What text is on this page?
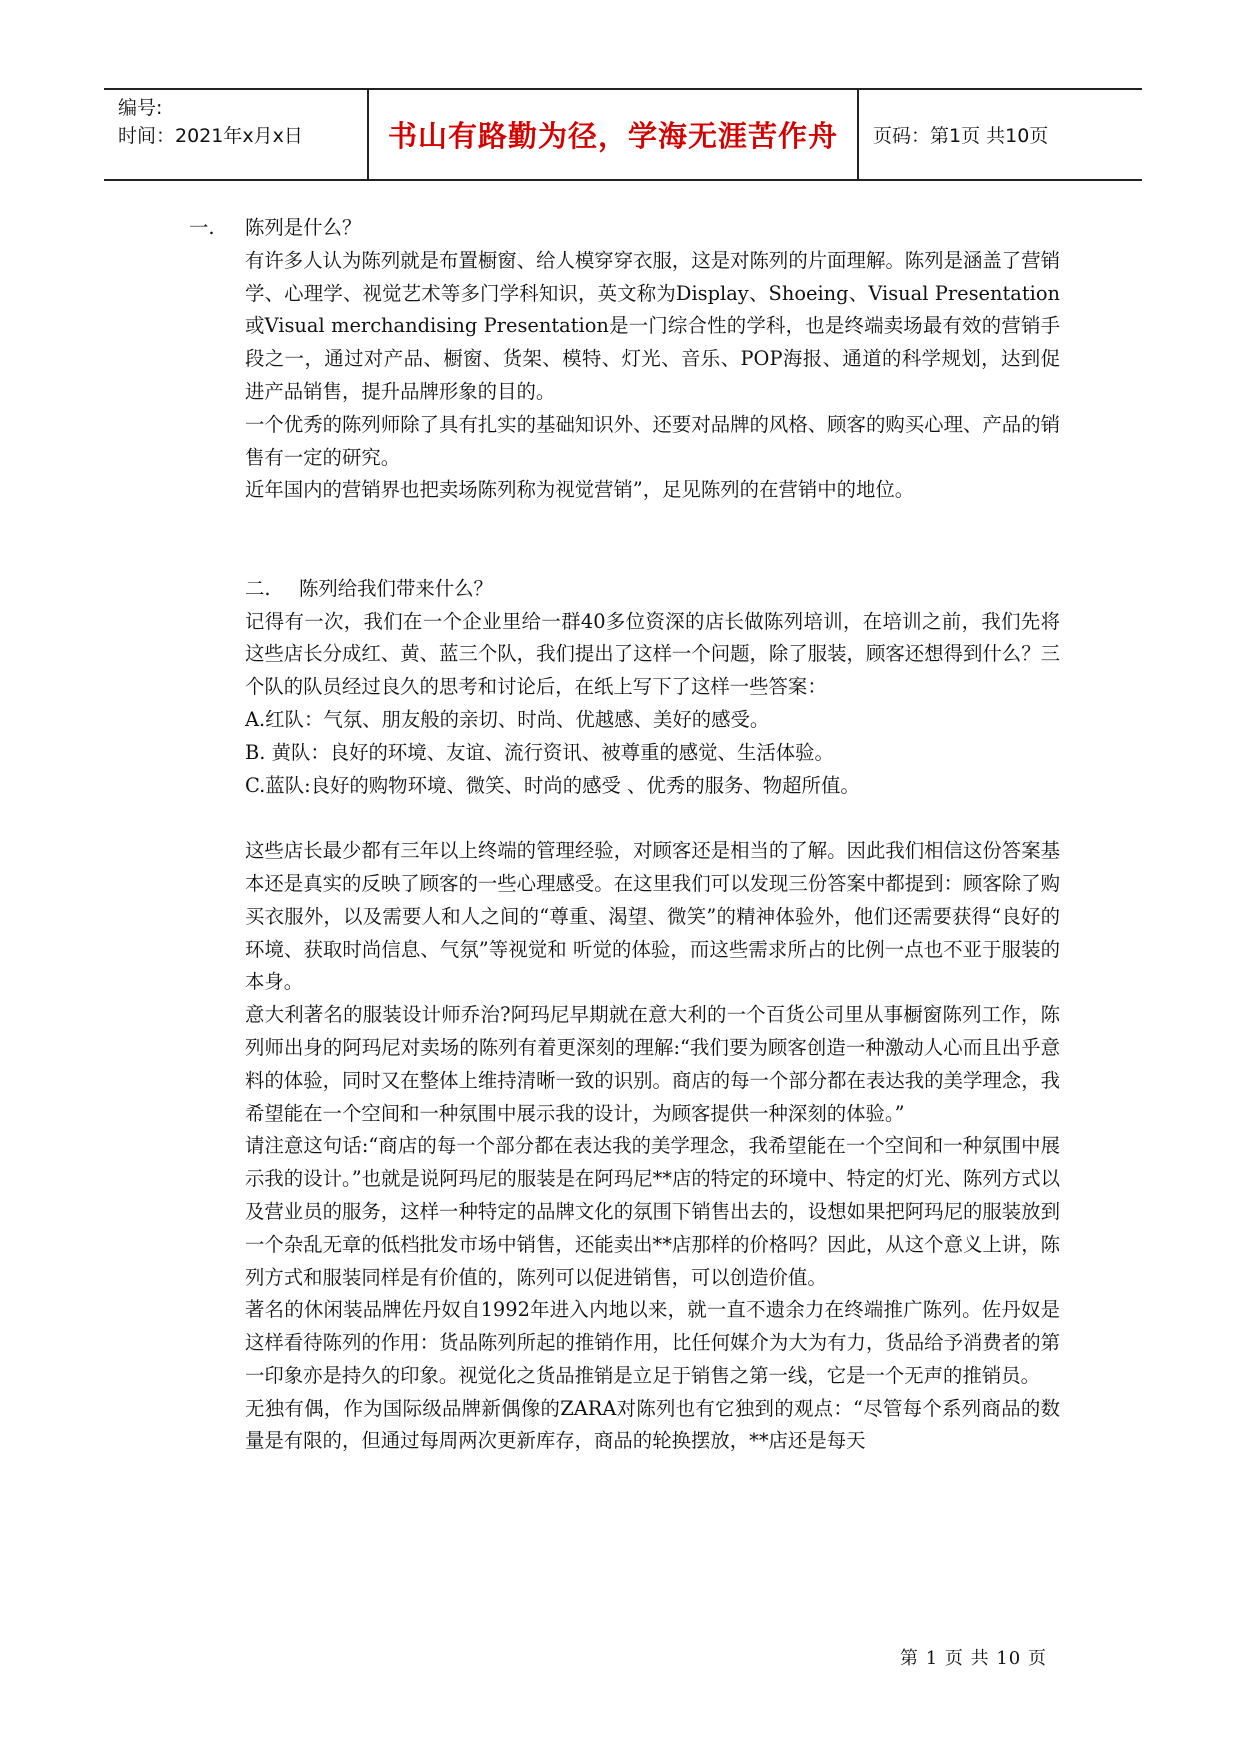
编号:
时间：2021年x月x日	书山有路勤为径，学海无涯苦作舟	页码：第1页 共10页

一. 陈列是什么？

有许多人认为陈列就是布置橱窗、给人模穿穿衣服，这是对陈列的片面理解。陈列是涵盖了营销学、心理学、视觉艺术等多门学科知识，英文称为Display、Shoeing、Visual Presentation或Visual merchandising Presentation是一门综合性的学科，也是终端卖场最有效的营销手段之一，通过对产品、橱窗、货架、模特、灯光、音乐、POP海报、通道的科学规划，达到促进产品销售，提升品牌形象的目的。

一个优秀的陈列师除了具有扎实的基础知识外、还要对品牌的风格、顾客的购买心理、产品的销售有一定的研究。

近年国内的营销界也把卖场陈列称为视觉营销”，足见陈列的在营销中的地位。

二. 陈列给我们带来什么？

记得有一次，我们在一个企业里给一群40多位资深的店长做陈列培训，在培训之前，我们先将这些店长分成红、黄、蓝三个队，我们提出了这样一个问题，除了服装，顾客还想得到什么？三个队的队员经过良久的思考和讨论后，在纸上写下了这样一些答案：

A.红队：气氛、朋友般的亲切、时尚、优越感、美好的感受。

B. 黄队：良好的环境、友谊、流行资讯、被尊重的感觉、生活体验。

C.蓝队:良好的购物环境、微笑、时尚的感受 、优秀的服务、物超所值。

这些店长最少都有三年以上终端的管理经验，对顾客还是相当的了解。因此我们相信这份答案基本还是真实的反映了顾客的一些心理感受。在这里我们可以发现三份答案中都提到：顾客除了购买衣服外，以及需要人和人之间的“尊重、渴望、微笑”的精神体验外，他们还需要获得“良好的环境、获取时尚信息、气氛”等视觉和 听觉的体验，而这些需求所占的比例一点也不亚于服装的本身。

意大利著名的服装设计师乔治?阿玛尼早期就在意大利的一个百货公司里从事橱窗陈列工作，陈列师出身的阿玛尼对卖场的陈列有着更深刻的理解:“我们要为顾客创造一种激动人心而且出乎意料的体验，同时又在整体上维持清晰一致的识别。商店的每一个部分都在表达我的美学理念，我希望能在一个空间和一种氛围中展示我的设计，为顾客提供一种深刻的体验。”

请注意这句话:“商店的每一个部分都在表达我的美学理念，我希望能在一个空间和一种氛围中展示我的设计。”也就是说阿玛尼的服装是在阿玛尼**店的特定的环境中、特定的灯光、陈列方式以及营业员的服务，这样一种特定的品牌文化的氛围下销售出去的，设想如果把阿玛尼的服装放到一个杂乱无章的低档批发市场中销售，还能卖出**店那样的价格吗？因此，从这个意义上讲，陈列方式和服装同样是有价值的，陈列可以促进销售，可以创造价值。

著名的休闲装品牌佐丹奴自1992年进入内地以来，就一直不遗余力在终端推广陈列。佐丹奴是这样看待陈列的作用：货品陈列所起的推销作用，比任何媒介为大为有力，货品给予消费者的第一印象亦是持久的印象。视觉化之货品推销是立足于销售之第一线，它是一个无声的推销员。

无独有偶，作为国际级品牌新偶像的ZARA对陈列也有它独到的观点：“尽管每个系列商品的数量是有限的，但通过每周两次更新库存，商品的轮换摆放，**店还是每天

第 1 页 共 10 页
